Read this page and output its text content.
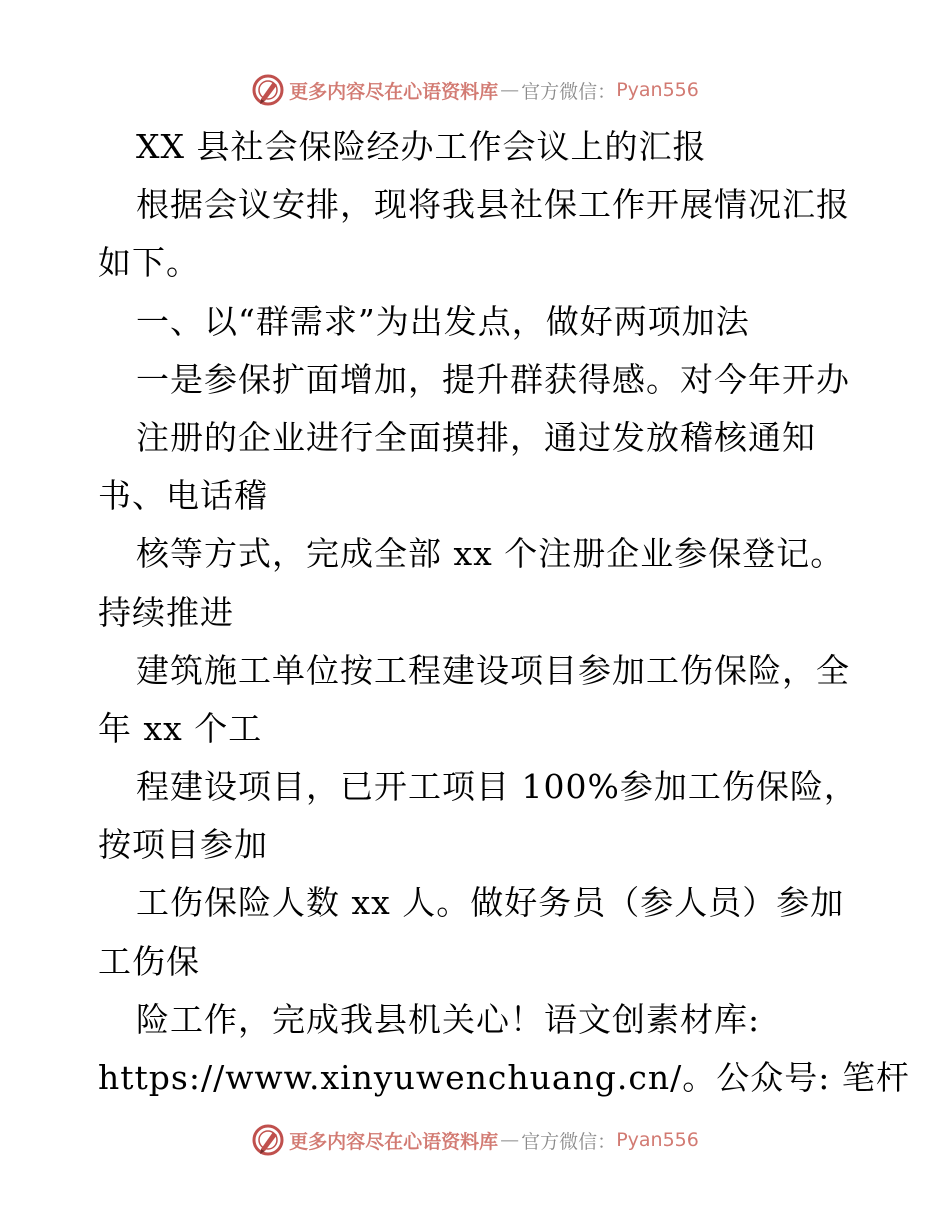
更多内容尽在心语资料库 — 官方微信： Pyan556
XX 县社会保险经办工作会议上的汇报
根据会议安排，现将我县社保工作开展情况汇报
如下。
一、以“群需求”为出发点，做好两项加法
一是参保扩面增加，提升群获得感。对今年开办
注册的企业进行全面摸排，通过发放稽核通知
书、电话稽
核等方式，完成全部 xx 个注册企业参保登记。
持续推进
建筑施工单位按工程建设项目参加工伤保险，全
年 xx 个工
程建设项目，已开工项目 100%参加工伤保险，
按项目参加
工伤保险人数 xx 人。做好务员（参人员）参加
工伤保
险工作，完成我县机关心！语文创素材库:
https://www.xinyuwenchuang.cn/。公众号: 笔杆
更多内容尽在心语资料库 — 官方微信： Pyan556
